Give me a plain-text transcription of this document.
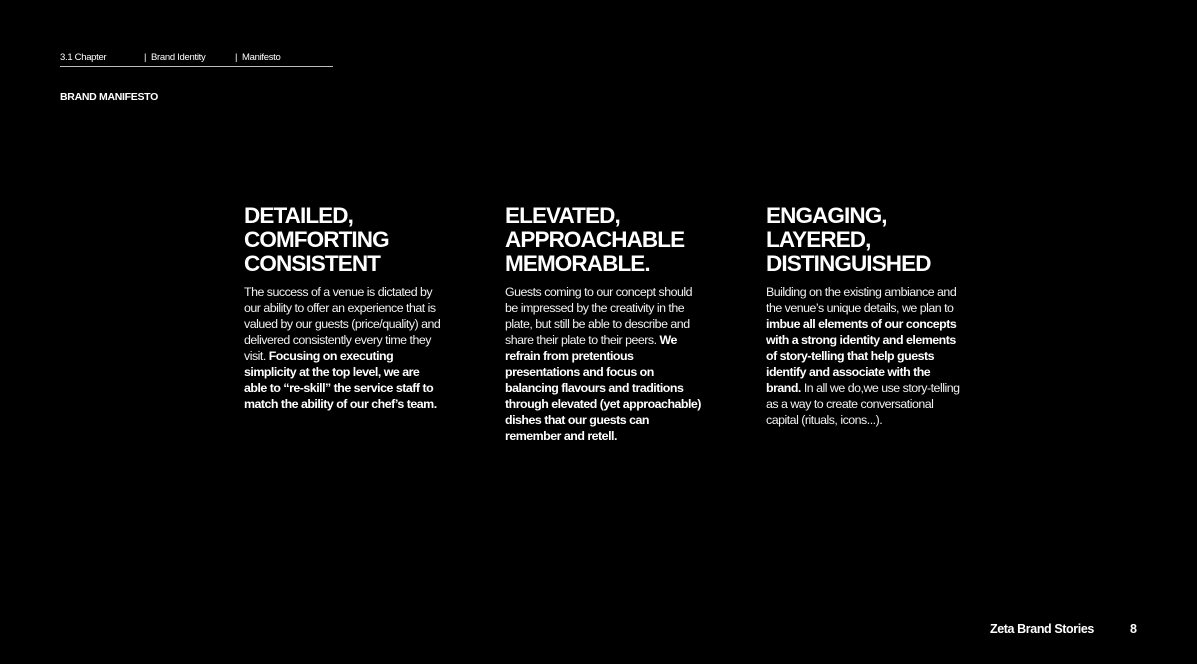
3.1 Chapter	| Brand Identity	| Manifesto
BRAND MANIFESTO
DETAILED,
COMFORTING
CONSISTENT

The success of a venue is dictated by our ability to offer an experience that is valued by our guests (price/quality) and delivered consistently every time they visit. Focusing on executing simplicity at the top level, we are able to “re-skill” the service staff to match the ability of our chef’s team.

ELEVATED,
APPROACHABLE
MEMORABLE.

Guests coming to our concept should be impressed by the creativity in the plate, but still be able to describe and share their plate to their peers. We refrain from pretentious presentations and focus on balancing flavours and traditions through elevated (yet approachable) dishes that our guests can remember and retell.

ENGAGING,
LAYERED,
DISTINGUISHED

Building on the existing ambiance and the venue’s unique details, we plan to imbue all elements of our concepts with a strong identity and elements of story-telling that help guests identify and associate with the brand. In all we do,we use story-telling as a way to create conversational capital (rituals, icons...).

Zeta Brand Stories	8
